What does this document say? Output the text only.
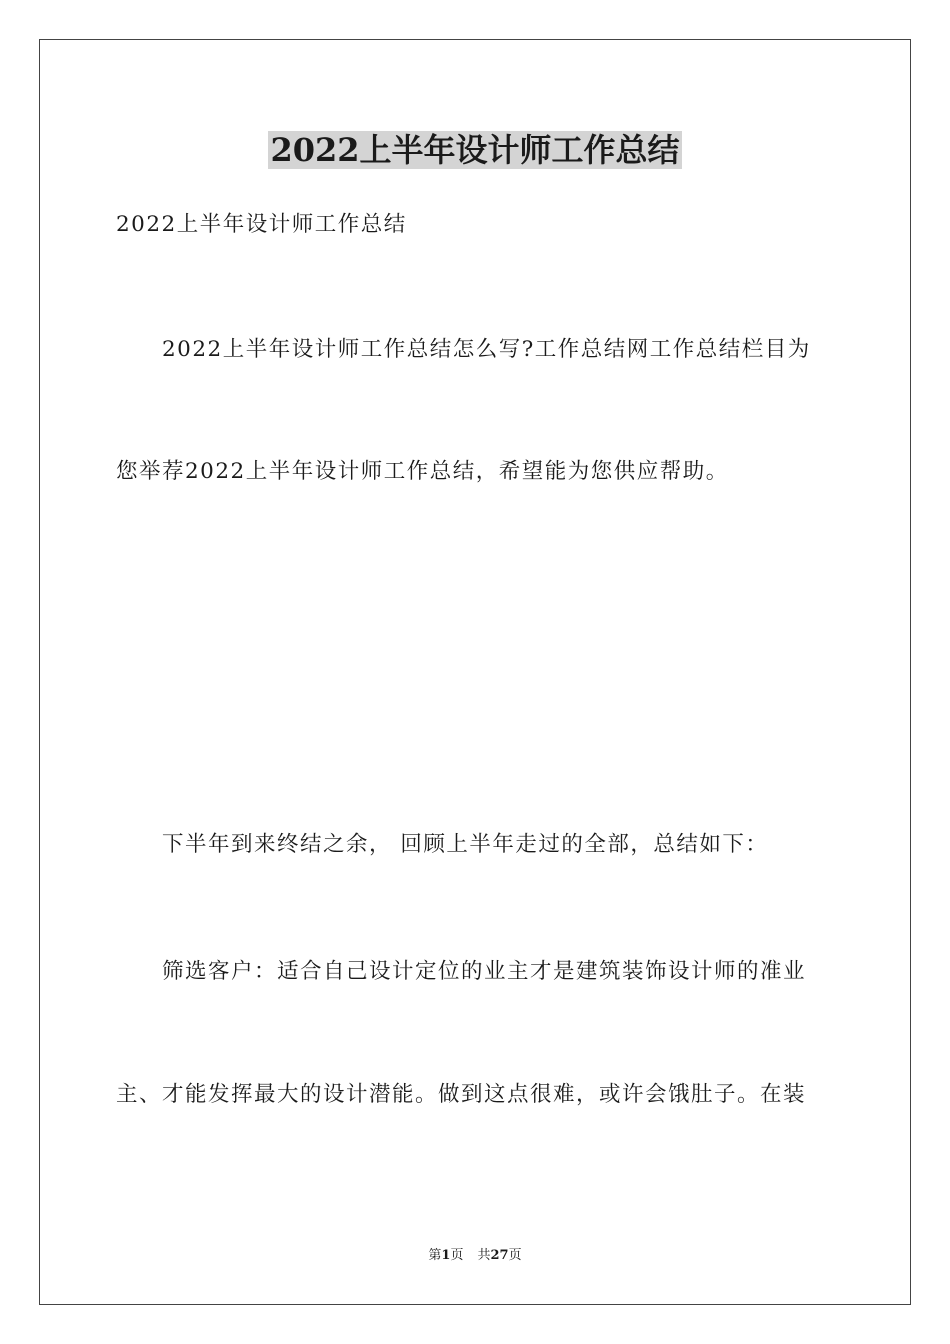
2022上半年设计师工作总结
2022上半年设计师工作总结
2022上半年设计师工作总结怎么写?工作总结网工作总结栏目为
您举荐2022上半年设计师工作总结，希望能为您供应帮助。
下半年到来终结之余， 回顾上半年走过的全部，总结如下：
筛选客户：适合自己设计定位的业主才是建筑装饰设计师的准业
主、才能发挥最大的设计潜能。做到这点很难，或许会饿肚子。在装
第1页 共27页
